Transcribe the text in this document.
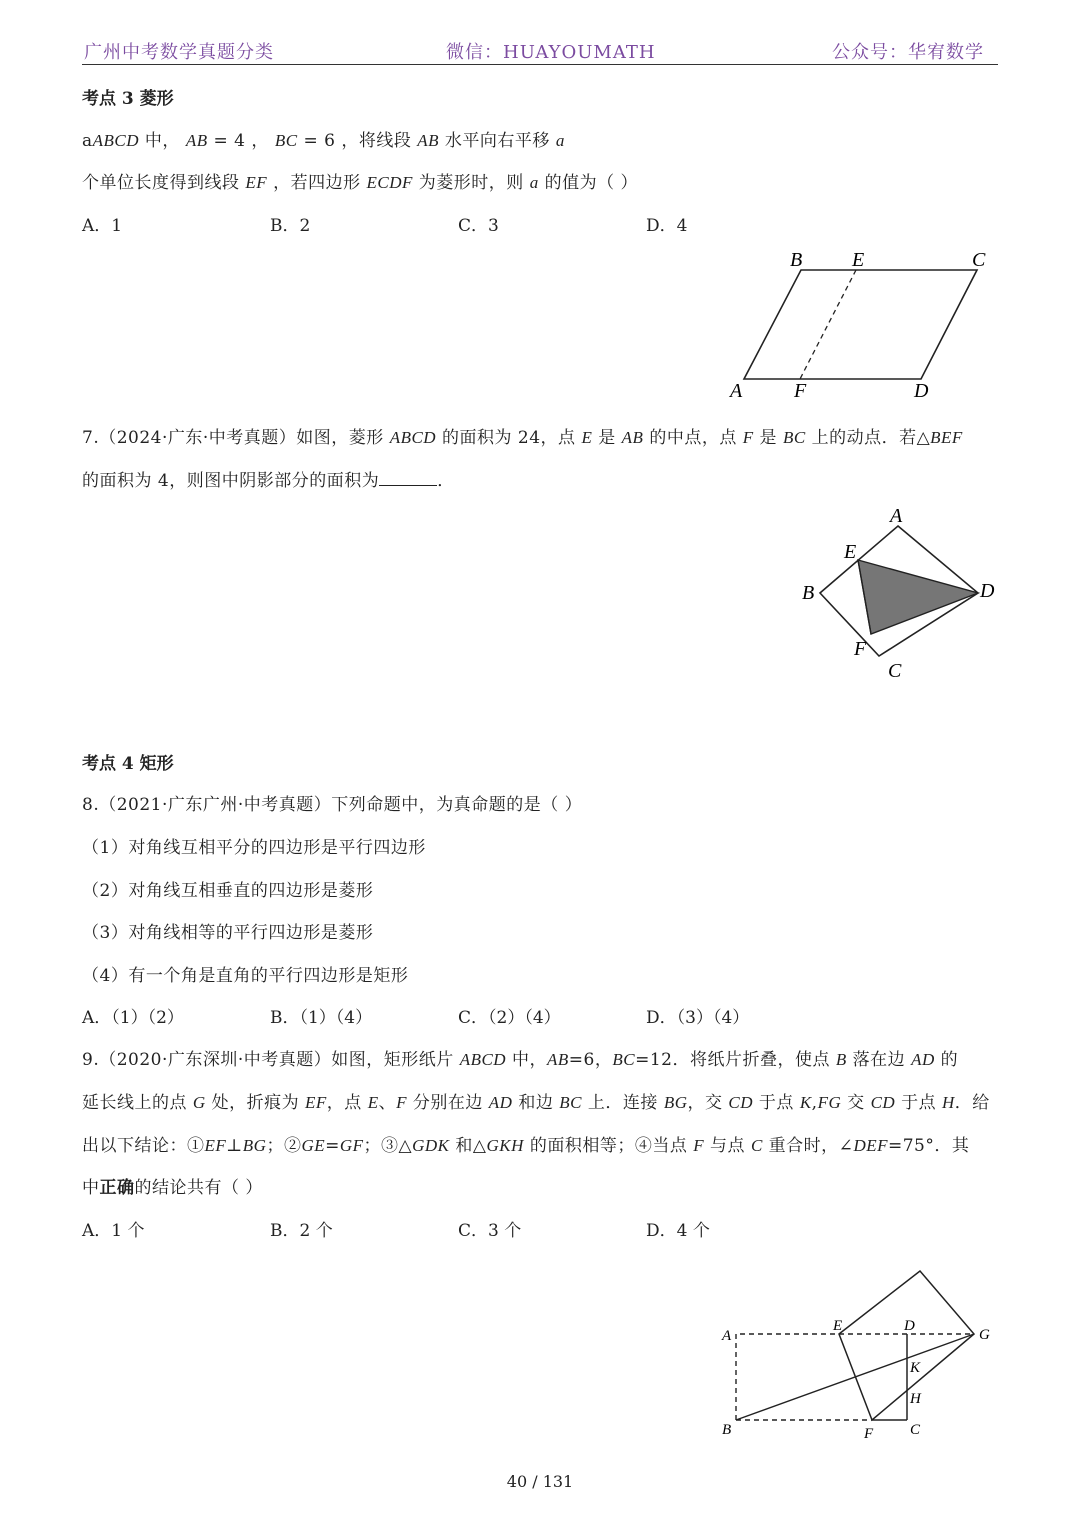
广州中考数学真题分类	微信：HUAYOUMATH	公众号：华宥数学
考点 3 菱形
aABCD 中， AB = 4 ， BC = 6 ，将线段 AB 水平向右平移 a
个单位长度得到线段 EF ，若四边形 ECDF 为菱形时，则 a 的值为（ ）
A．1	B．2	C．3	D．4
B E	C
A	F	D
7.（2024·广东·中考真题）如图，菱形 ABCD 的面积为 24，点 E 是 AB 的中点，点 F 是 BC 上的动点．若△BEF
的面积为 4，则图中阴影部分的面积为	．
A
B	D
E
F
C
考点 4 矩形
8.（2021·广东广州·中考真题）下列命题中，为真命题的是（ ）
（1）对角线互相平分的四边形是平行四边形
（2）对角线互相垂直的四边形是菱形
（3）对角线相等的平行四边形是菱形
（4）有一个角是直角的平行四边形是矩形
A．（1）（2）	B．（1）（4）	C．（2）（4）	D．（3）（4）
9.（2020·广东深圳·中考真题）如图，矩形纸片 ABCD 中，AB=6，BC=12．将纸片折叠，使点 B 落在边 AD 的
延长线上的点 G 处，折痕为 EF，点 E、F 分别在边 AD 和边 BC 上．连接 BG，交 CD 于点 K,FG 交 CD 于点 H．给
出以下结论：①EF⊥BG；②GE=GF；③△GDK 和△GKH 的面积相等；④当点 F 与点 C 重合时，∠DEF=75°．其
中正确的结论共有（ ）
A．1 个	B．2 个	C．3 个	D．4 个
A
E	D
G
K
H
B	F C
40 / 131
